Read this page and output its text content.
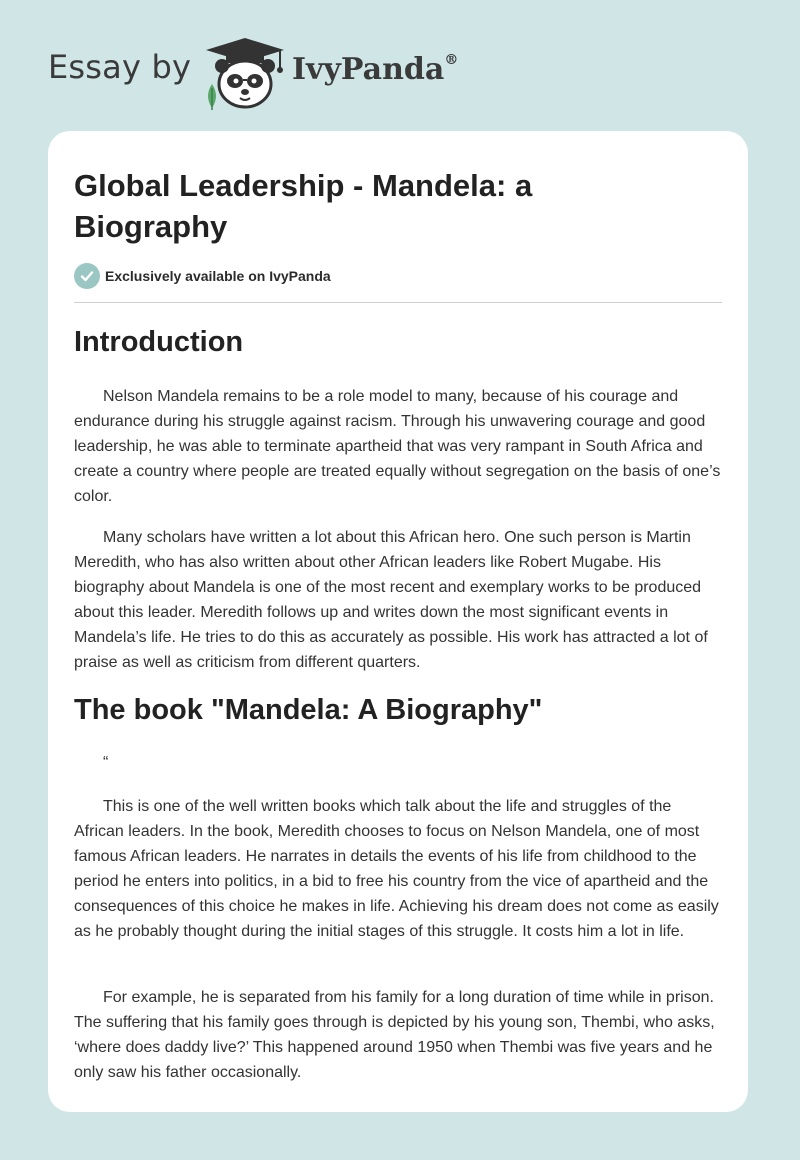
Essay by	IvyPanda®
Global Leadership - Mandela: a Biography
Exclusively available on IvyPanda
Introduction

Nelson Mandela remains to be a role model to many, because of his courage and endurance during his struggle against racism. Through his unwavering courage and good leadership, he was able to terminate apartheid that was very rampant in South Africa and create a country where people are treated equally without segregation on the basis of one’s color.

Many scholars have written a lot about this African hero. One such person is Martin Meredith, who has also written about other African leaders like Robert Mugabe. His biography about Mandela is one of the most recent and exemplary works to be produced about this leader. Meredith follows up and writes down the most significant events in Mandela’s life. He tries to do this as accurately as possible. His work has attracted a lot of praise as well as criticism from different quarters.

The book "Mandela: A Biography"

“

This is one of the well written books which talk about the life and struggles of the African leaders. In the book, Meredith chooses to focus on Nelson Mandela, one of most famous African leaders. He narrates in details the events of his life from childhood to the period he enters into politics, in a bid to free his country from the vice of apartheid and the consequences of this choice he makes in life. Achieving his dream does not come as easily as he probably thought during the initial stages of this struggle. It costs him a lot in life.

For example, he is separated from his family for a long duration of time while in prison. The suffering that his family goes through is depicted by his young son, Thembi, who asks, ‘where does daddy live?’ This happened around 1950 when Thembi was five years and he only saw his father occasionally.
